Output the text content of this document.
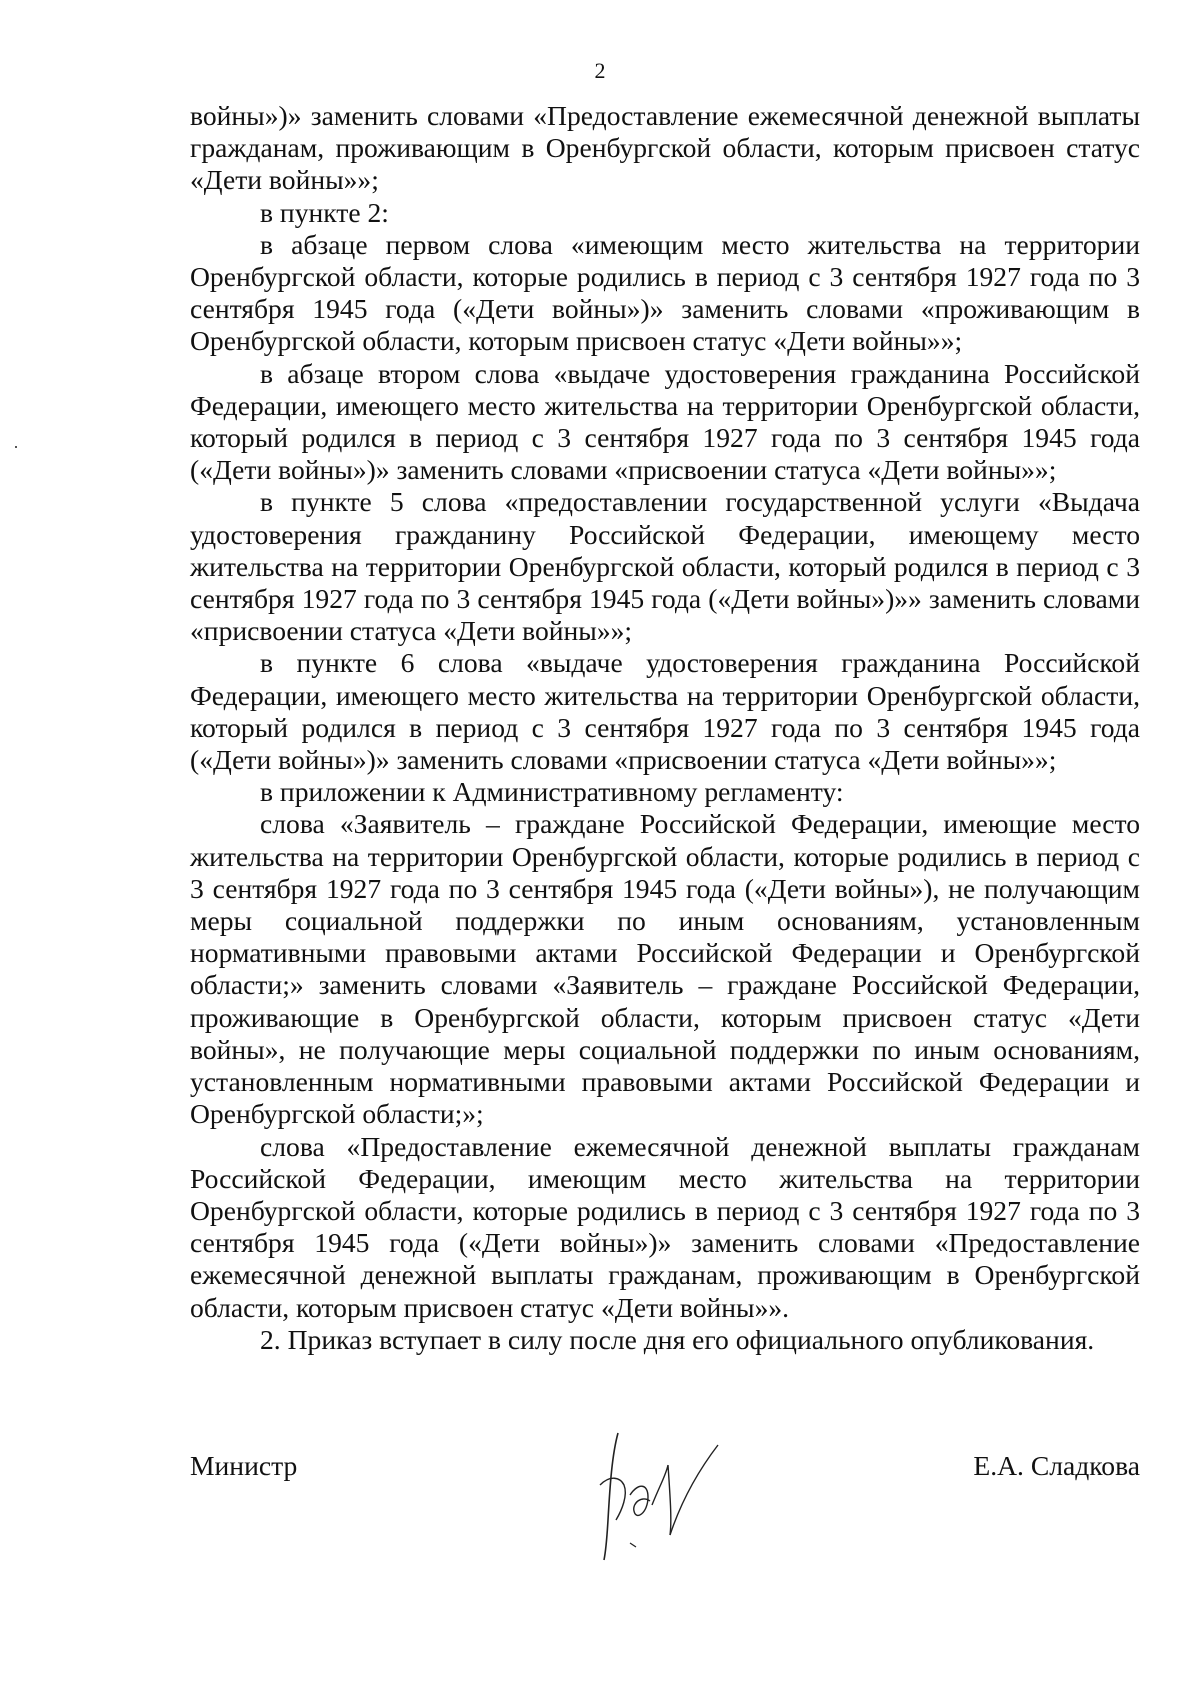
2

войны»)» заменить словами «Предоставление ежемесячной денежной выплаты гражданам, проживающим в Оренбургской области, которым присвоен статус «Дети войны»»;

в пункте 2:

в абзаце первом слова «имеющим место жительства на территории Оренбургской области, которые родились в период с 3 сентября 1927 года по 3 сентября 1945 года («Дети войны»)» заменить словами «проживающим в Оренбургской области, которым присвоен статус «Дети войны»»;

в абзаце втором слова «выдаче удостоверения гражданина Российской Федерации, имеющего место жительства на территории Оренбургской области, который родился в период с 3 сентября 1927 года по 3 сентября 1945 года («Дети войны»)» заменить словами «присвоении статуса «Дети войны»»;

в пункте 5 слова «предоставлении государственной услуги «Выдача удостоверения гражданину Российской Федерации, имеющему место жительства на территории Оренбургской области, который родился в период с 3 сентября 1927 года по 3 сентября 1945 года («Дети войны»)»» заменить словами «присвоении статуса «Дети войны»»;

в пункте 6 слова «выдаче удостоверения гражданина Российской Федерации, имеющего место жительства на территории Оренбургской области, который родился в период с 3 сентября 1927 года по 3 сентября 1945 года («Дети войны»)» заменить словами «присвоении статуса «Дети войны»»;

в приложении к Административному регламенту:

слова «Заявитель – граждане Российской Федерации, имеющие место жительства на территории Оренбургской области, которые родились в период с 3 сентября 1927 года по 3 сентября 1945 года («Дети войны»), не получающим меры социальной поддержки по иным основаниям, установленным нормативными правовыми актами Российской Федерации и Оренбургской области;» заменить словами «Заявитель – граждане Российской Федерации, проживающие в Оренбургской области, которым присвоен статус «Дети войны», не получающие меры социальной поддержки по иным основаниям, установленным нормативными правовыми актами Российской Федерации и Оренбургской области;»;

слова «Предоставление ежемесячной денежной выплаты гражданам Российской Федерации, имеющим место жительства на территории Оренбургской области, которые родились в период с 3 сентября 1927 года по 3 сентября 1945 года («Дети войны»)» заменить словами «Предоставление ежемесячной денежной выплаты гражданам, проживающим в Оренбургской области, которым присвоен статус «Дети войны»».

2. Приказ вступает в силу после дня его официального опубликования.

Министр	Е.А. Сладкова
